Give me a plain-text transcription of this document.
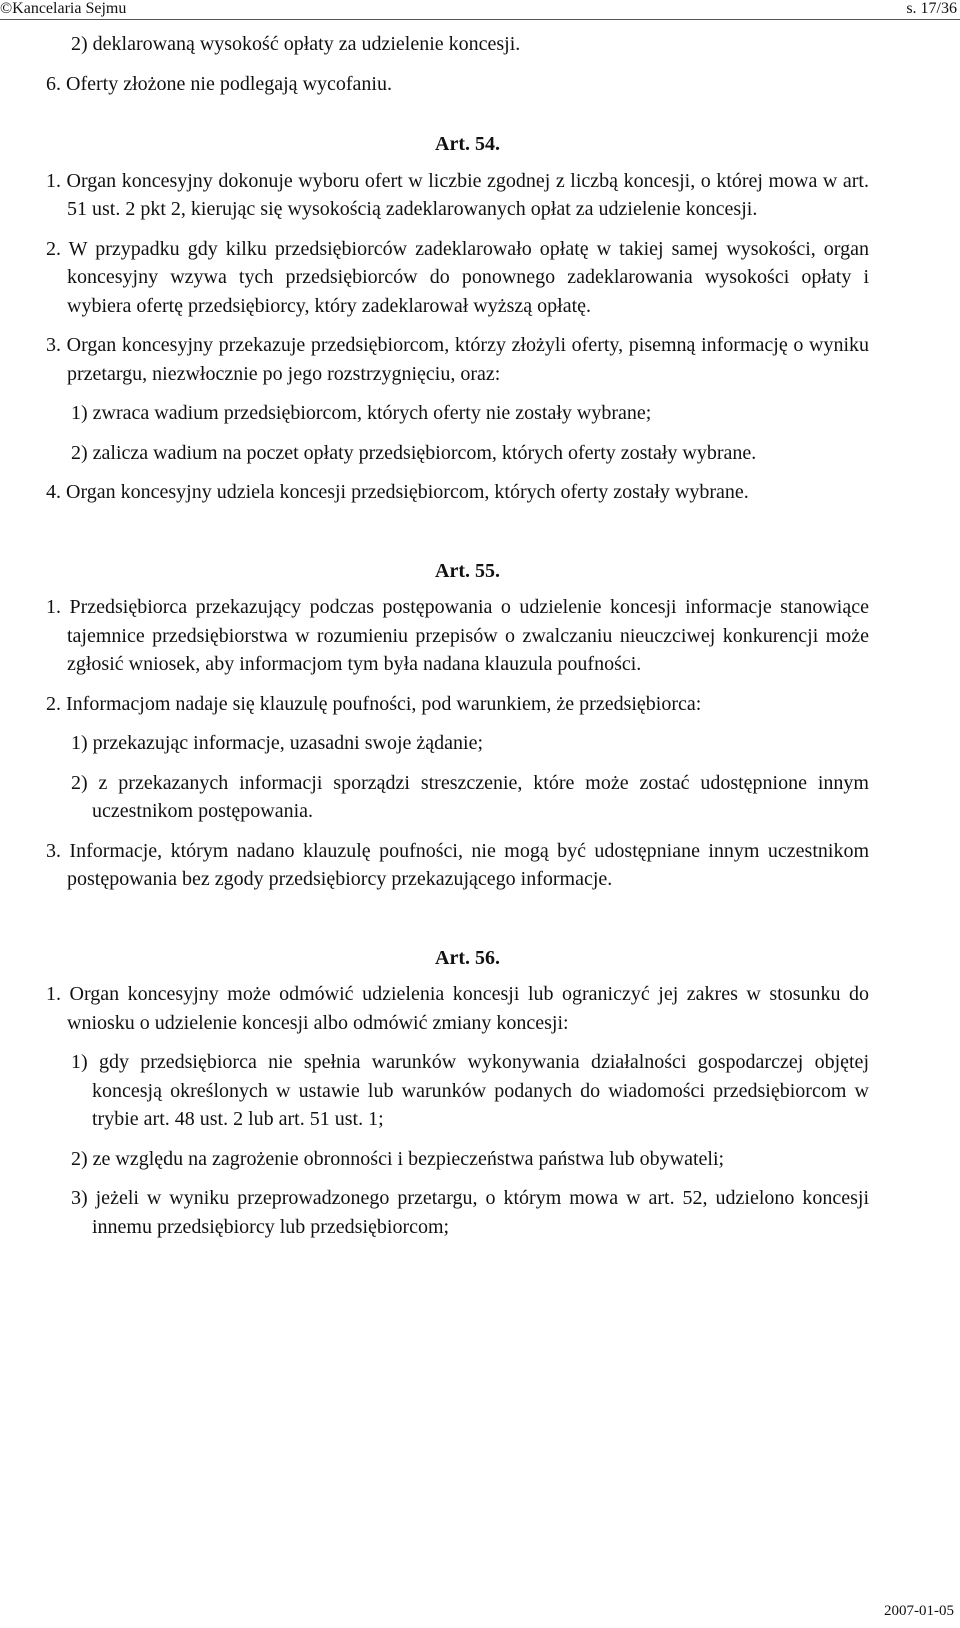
©Kancelaria Sejmu	s. 17/36

2) deklarowaną wysokość opłaty za udzielenie koncesji.

6. Oferty złożone nie podlegają wycofaniu.

Art. 54.

1. Organ koncesyjny dokonuje wyboru ofert w liczbie zgodnej z liczbą koncesji, o której mowa w art. 51 ust. 2 pkt 2, kierując się wysokością zadeklarowanych opłat za udzielenie koncesji.

2. W przypadku gdy kilku przedsiębiorców zadeklarowało opłatę w takiej samej wysokości, organ koncesyjny wzywa tych przedsiębiorców do ponownego zadeklarowania wysokości opłaty i wybiera ofertę przedsiębiorcy, który zadeklarował wyższą opłatę.

3. Organ koncesyjny przekazuje przedsiębiorcom, którzy złożyli oferty, pisemną informację o wyniku przetargu, niezwłocznie po jego rozstrzygnięciu, oraz:

1) zwraca wadium przedsiębiorcom, których oferty nie zostały wybrane;

2) zalicza wadium na poczet opłaty przedsiębiorcom, których oferty zostały wybrane.

4. Organ koncesyjny udziela koncesji przedsiębiorcom, których oferty zostały wybrane.

Art. 55.

1. Przedsiębiorca przekazujący podczas postępowania o udzielenie koncesji informacje stanowiące tajemnice przedsiębiorstwa w rozumieniu przepisów o zwalczaniu nieuczciwej konkurencji może zgłosić wniosek, aby informacjom tym była nadana klauzula poufności.

2. Informacjom nadaje się klauzulę poufności, pod warunkiem, że przedsiębiorca:

1) przekazując informacje, uzasadni swoje żądanie;

2) z przekazanych informacji sporządzi streszczenie, które może zostać udostępnione innym uczestnikom postępowania.

3. Informacje, którym nadano klauzulę poufności, nie mogą być udostępniane innym uczestnikom postępowania bez zgody przedsiębiorcy przekazującego informacje.

Art. 56.

1. Organ koncesyjny może odmówić udzielenia koncesji lub ograniczyć jej zakres w stosunku do wniosku o udzielenie koncesji albo odmówić zmiany koncesji:

1) gdy przedsiębiorca nie spełnia warunków wykonywania działalności gospodarczej objętej koncesją określonych w ustawie lub warunków podanych do wiadomości przedsiębiorcom w trybie art. 48 ust. 2 lub art. 51 ust. 1;

2) ze względu na zagrożenie obronności i bezpieczeństwa państwa lub obywateli;

3) jeżeli w wyniku przeprowadzonego przetargu, o którym mowa w art. 52, udzielono koncesji innemu przedsiębiorcy lub przedsiębiorcom;

2007-01-05
